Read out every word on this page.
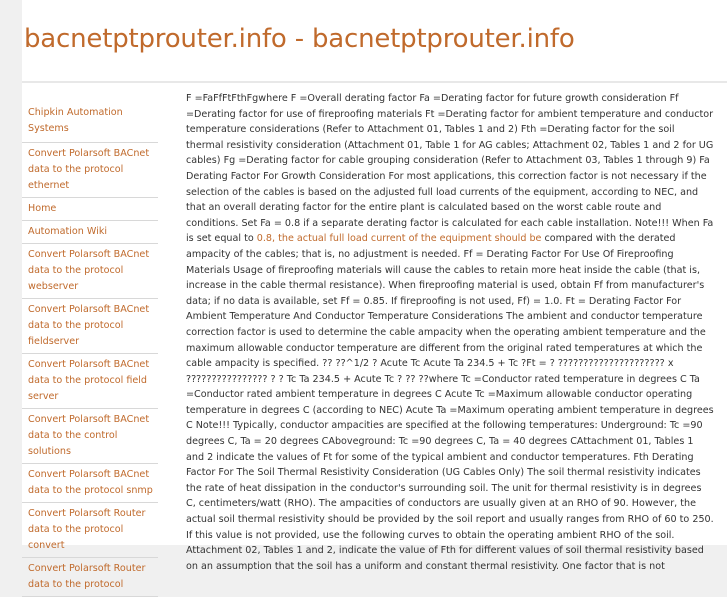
bacnetptprouter.info - bacnetptprouter.info
Chipkin Automation Systems
Convert Polarsoft BACnet data to the protocol ethernet
Home
Automation Wiki
Convert Polarsoft BACnet data to the protocol webserver
Convert Polarsoft BACnet data to the protocol fieldserver
Convert Polarsoft BACnet data to the protocol field server
Convert Polarsoft BACnet data to the control solutions
Convert Polarsoft BACnet data to the protocol snmp
Convert Polarsoft Router data to the protocol convert
Convert Polarsoft Router data to the protocol
F =FaFfFtFthFgwhere F =Overall derating factor Fa =Derating factor for future growth consideration Ff =Derating factor for use of fireproofing materials Ft =Derating factor for ambient temperature and conductor temperature considerations (Refer to Attachment 01, Tables 1 and 2) Fth =Derating factor for the soil thermal resistivity consideration (Attachment 01, Table 1 for AG cables; Attachment 02, Tables 1 and 2 for UG cables) Fg =Derating factor for cable grouping consideration (Refer to Attachment 03, Tables 1 through 9) Fa Derating Factor For Growth Consideration For most applications, this correction factor is not necessary if the selection of the cables is based on the adjusted full load currents of the equipment, according to NEC, and that an overall derating factor for the entire plant is calculated based on the worst cable route and conditions. Set Fa = 0.8 if a separate derating factor is calculated for each cable installation. Note!!! When Fa is set equal to 0.8, the actual full load current of the equipment should be compared with the derated ampacity of the cables; that is, no adjustment is needed. Ff = Derating Factor For Use Of Fireproofing Materials Usage of fireproofing materials will cause the cables to retain more heat inside the cable (that is, increase in the cable thermal resistance). When fireproofing material is used, obtain Ff from manufacturer's data; if no data is available, set Ff = 0.85. If fireproofing is not used, Ff) = 1.0. Ft = Derating Factor For Ambient Temperature And Conductor Temperature Considerations The ambient and conductor temperature correction factor is used to determine the cable ampacity when the operating ambient temperature and the maximum allowable conductor temperature are different from the original rated temperatures at which the cable ampacity is specified. ?? ??^1/2 ? Acute Tc Acute Ta 234.5 + Tc ?Ft = ? ????????????????????? x ???????????????? ? ? Tc Ta 234.5 + Acute Tc ? ?? ??where Tc =Conductor rated temperature in degrees C Ta =Conductor rated ambient temperature in degrees C Acute Tc =Maximum allowable conductor operating temperature in degrees C (according to NEC) Acute Ta =Maximum operating ambient temperature in degrees C Note!!! Typically, conductor ampacities are specified at the following temperatures: Underground: Tc =90 degrees C, Ta = 20 degrees CAboveground: Tc =90 degrees C, Ta = 40 degrees CAttachment 01, Tables 1 and 2 indicate the values of Ft for some of the typical ambient and conductor temperatures. Fth Derating Factor For The Soil Thermal Resistivity Consideration (UG Cables Only) The soil thermal resistivity indicates the rate of heat dissipation in the conductor's surrounding soil. The unit for thermal resistivity is in degrees C, centimeters/watt (RHO). The ampacities of conductors are usually given at an RHO of 90. However, the actual soil thermal resistivity should be provided by the soil report and usually ranges from RHO of 60 to 250. If this value is not provided, use the following curves to obtain the operating ambient RHO of the soil. Attachment 02, Tables 1 and 2, indicate the value of Fth for different values of soil thermal resistivity based on an assumption that the soil has a uniform and constant thermal resistivity. One factor that is not
